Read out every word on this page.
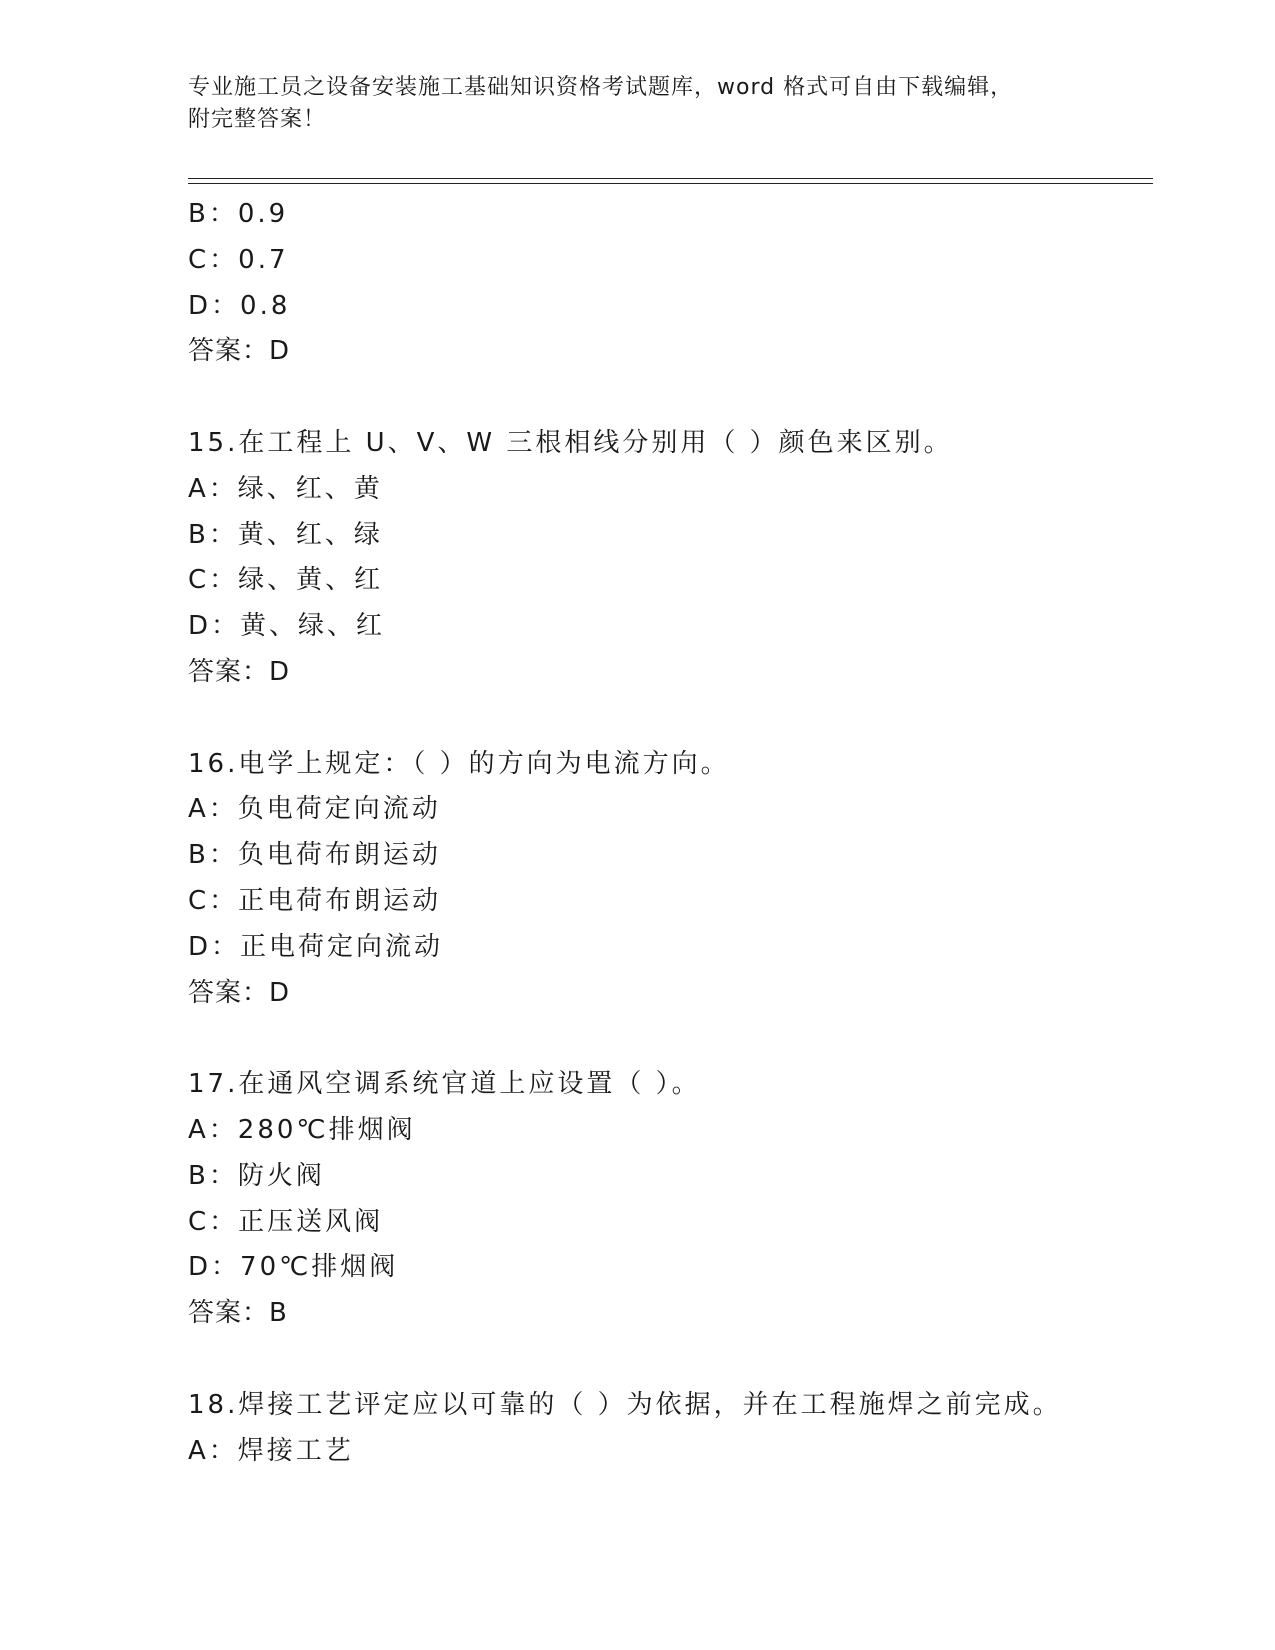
专业施工员之设备安装施工基础知识资格考试题库，word 格式可自由下载编辑，
附完整答案！
B：0.9
C：0.7
D：0.8
答案：D
15.在工程上 U、V、W 三根相线分别用（ ）颜色来区别。
A：绿、红、黄
B：黄、红、绿
C：绿、黄、红
D：黄、绿、红
答案：D
16.电学上规定：（ ）的方向为电流方向。
A：负电荷定向流动
B：负电荷布朗运动
C：正电荷布朗运动
D：正电荷定向流动
答案：D
17.在通风空调系统官道上应设置（ ）。
A：280℃排烟阀
B：防火阀
C：正压送风阀
D：70℃排烟阀
答案：B
18.焊接工艺评定应以可靠的（ ）为依据，并在工程施焊之前完成。
A：焊接工艺
